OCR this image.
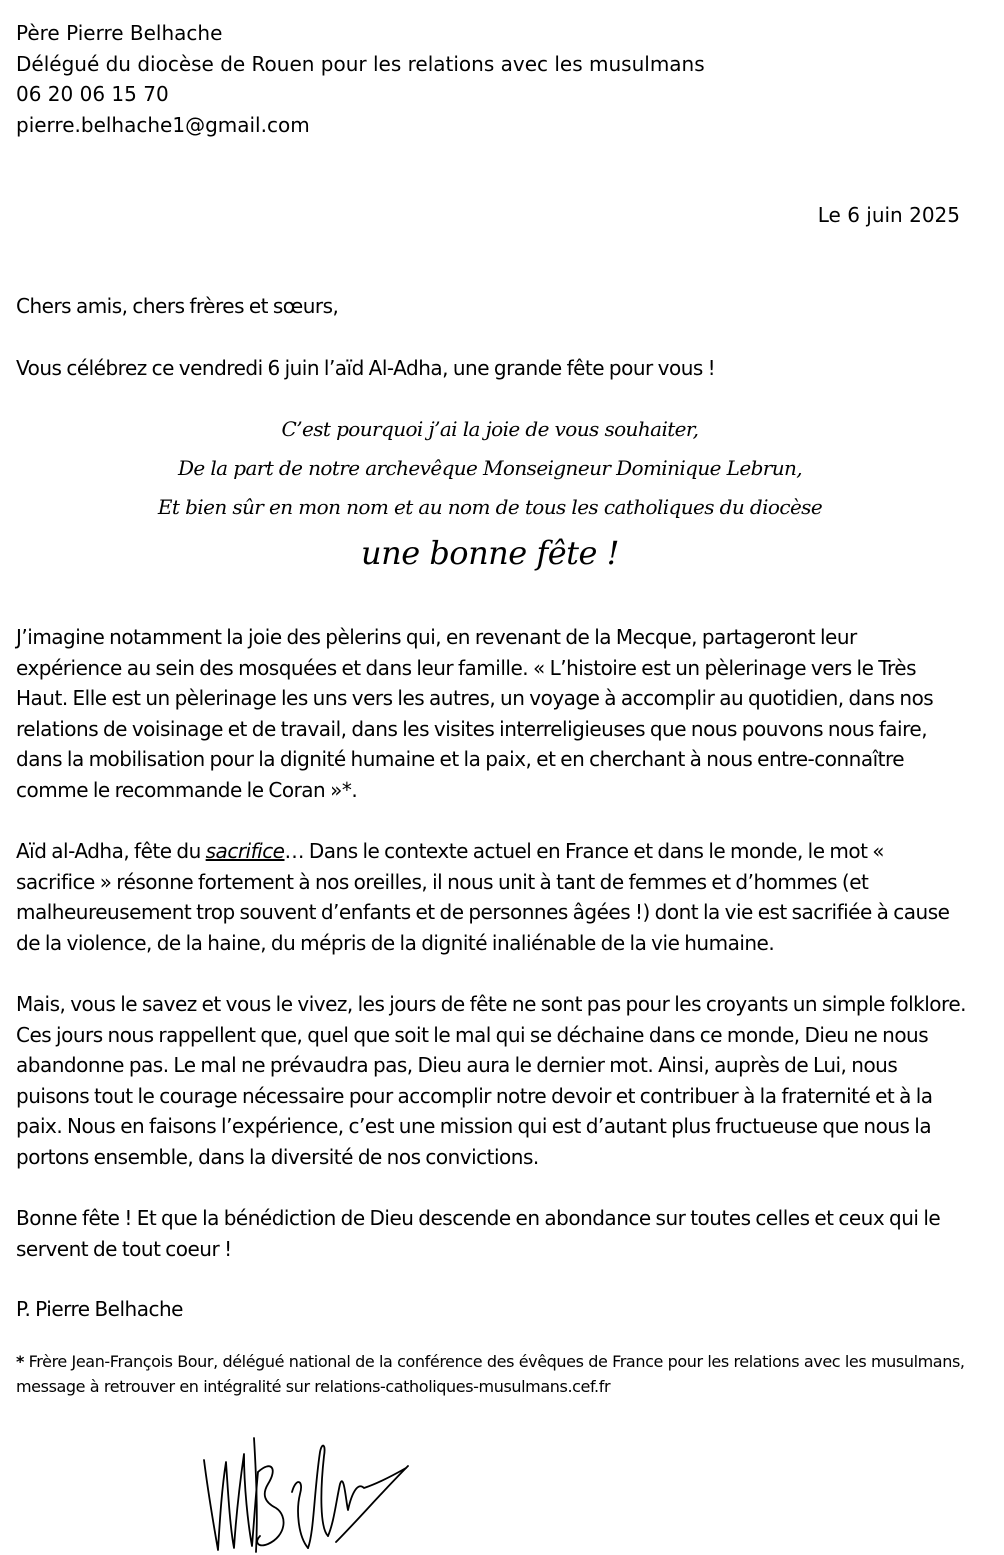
Père Pierre Belhache
Délégué du diocèse de Rouen pour les relations avec les musulmans
06 20 06 15 70
pierre.belhache1@gmail.com
Le 6 juin 2025
Chers amis, chers frères et sœurs,
Vous célébrez ce vendredi 6 juin l’aïd Al-Adha, une grande fête pour vous !
C’est pourquoi j’ai la joie de vous souhaiter,
De la part de notre archevêque Monseigneur Dominique Lebrun,
Et bien sûr en mon nom et au nom de tous les catholiques du diocèse
une bonne fête !
J’imagine notamment la joie des pèlerins qui, en revenant de la Mecque, partageront leur expérience au sein des mosquées et dans leur famille. « L’histoire est un pèlerinage vers le Très Haut. Elle est un pèlerinage les uns vers les autres, un voyage à accomplir au quotidien, dans nos relations de voisinage et de travail, dans les visites interreligieuses que nous pouvons nous faire, dans la mobilisation pour la dignité humaine et la paix, et en cherchant à nous entre-connaître comme le recommande le Coran »*.
Aïd al-Adha, fête du sacrifice… Dans le contexte actuel en France et dans le monde, le mot « sacrifice » résonne fortement à nos oreilles, il nous unit à tant de femmes et d’hommes (et malheureusement trop souvent d’enfants et de personnes âgées !) dont la vie est sacrifiée à cause de la violence, de la haine, du mépris de la dignité inaliénable de la vie humaine.
Mais, vous le savez et vous le vivez, les jours de fête ne sont pas pour les croyants un simple folklore. Ces jours nous rappellent que, quel que soit le mal qui se déchaine dans ce monde, Dieu ne nous abandonne pas. Le mal ne prévaudra pas, Dieu aura le dernier mot. Ainsi, auprès de Lui, nous puisons tout le courage nécessaire pour accomplir notre devoir et contribuer à la fraternité et à la paix. Nous en faisons l’expérience, c’est une mission qui est d’autant plus fructueuse que nous la portons ensemble, dans la diversité de nos convictions.
Bonne fête ! Et que la bénédiction de Dieu descende en abondance sur toutes celles et ceux qui le servent de tout coeur !
P. Pierre Belhache
* Frère Jean-François Bour, délégué national de la conférence des évêques de France pour les relations avec les musulmans, message à retrouver en intégralité sur relations-catholiques-musulmans.cef.fr
